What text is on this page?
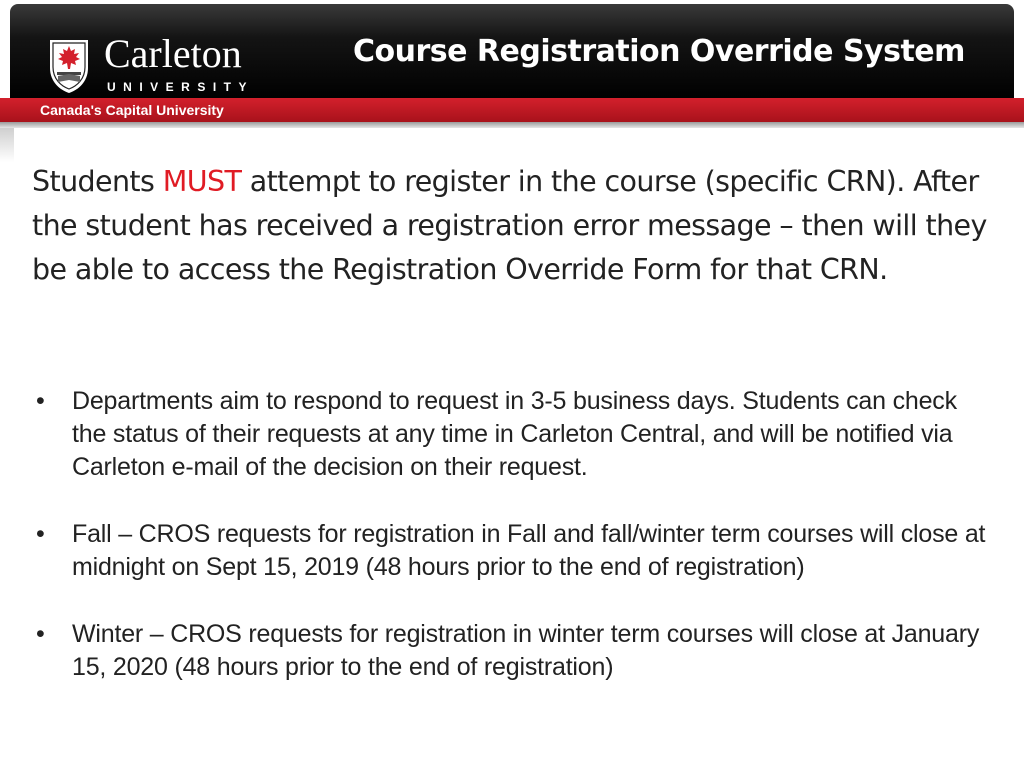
Carleton
UNIVERSITY
Course Registration Override System
Canada's Capital University

Students MUST attempt to register in the course (specific CRN). After the student has received a registration error message – then will they be able to access the Registration Override Form for that CRN.

• Departments aim to respond to request in 3-5 business days. Students can check the status of their requests at any time in Carleton Central, and will be notified via Carleton e-mail of the decision on their request.
• Fall – CROS requests for registration in Fall and fall/winter term courses will close at midnight on Sept 15, 2019 (48 hours prior to the end of registration)
• Winter – CROS requests for registration in winter term courses will close at January 15, 2020 (48 hours prior to the end of registration)
